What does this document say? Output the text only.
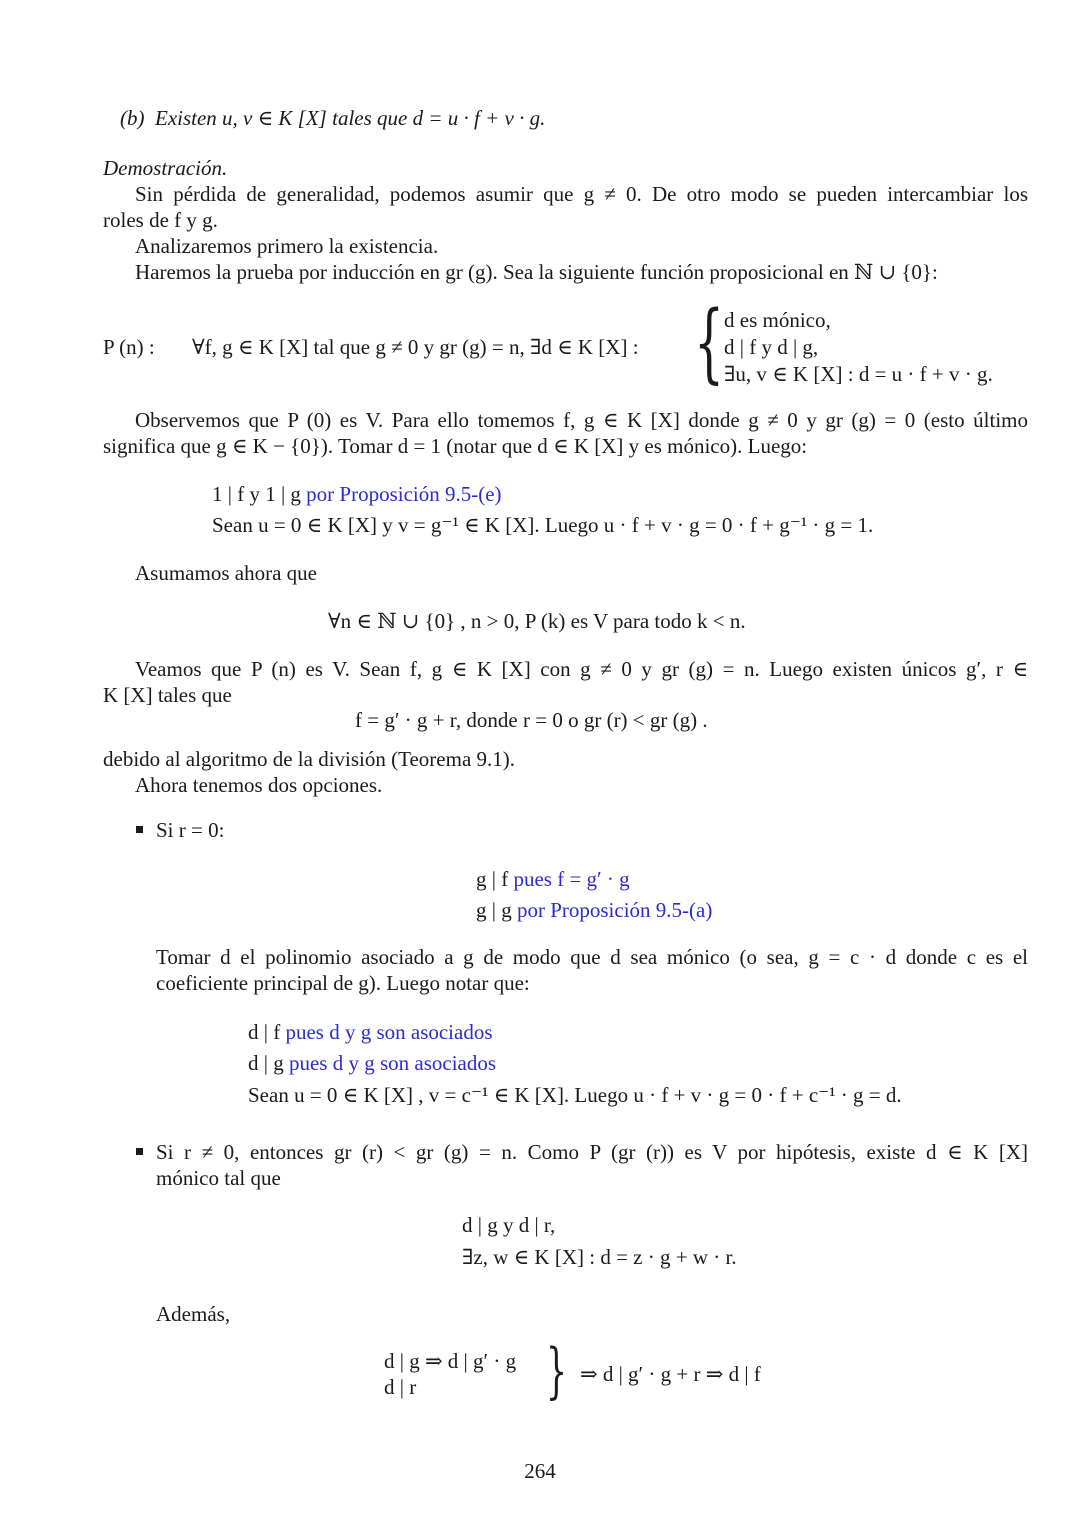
(b) Existen u, v ∈ K [X] tales que d = u · f + v · g.
Demostración.
Sin pérdida de generalidad, podemos asumir que g ≠ 0. De otro modo se pueden intercambiar los
roles de f y g.
Analizaremos primero la existencia.
Haremos la prueba por inducción en gr (g). Sea la siguiente función proposicional en ℕ ∪ {0}:
P (n) : ∀f, g ∈ K [X] tal que g ≠ 0 y gr (g) = n, ∃d ∈ K [X] : { d es mónico,
d | f y d | g,
∃u, v ∈ K [X] : d = u · f + v · g.
Observemos que P (0) es V. Para ello tomemos f, g ∈ K [X] donde g ≠ 0 y gr (g) = 0 (esto último
significa que g ∈ K − {0}). Tomar d = 1 (notar que d ∈ K [X] y es mónico). Luego:
1 | f y 1 | g por Proposición 9.5-(e)
Sean u = 0 ∈ K [X] y v = g⁻¹ ∈ K [X]. Luego u · f + v · g = 0 · f + g⁻¹ · g = 1.
Asumamos ahora que
∀n ∈ ℕ ∪ {0} , n > 0, P (k) es V para todo k < n.
Veamos que P (n) es V. Sean f, g ∈ K [X] con g ≠ 0 y gr (g) = n. Luego existen únicos g′, r ∈
K [X] tales que
f = g′ · g + r, donde r = 0 o gr (r) < gr (g) .
debido al algoritmo de la división (Teorema 9.1).
Ahora tenemos dos opciones.
Si r = 0:
g | f pues f = g′ · g
g | g por Proposición 9.5-(a)
Tomar d el polinomio asociado a g de modo que d sea mónico (o sea, g = c · d donde c es el
coeficiente principal de g). Luego notar que:
d | f pues d y g son asociados
d | g pues d y g son asociados
Sean u = 0 ∈ K [X] , v = c⁻¹ ∈ K [X]. Luego u · f + v · g = 0 · f + c⁻¹ · g = d.
Si r ≠ 0, entonces gr (r) < gr (g) = n. Como P (gr (r)) es V por hipótesis, existe d ∈ K [X]
mónico tal que
d | g y d | r,
∃z, w ∈ K [X] : d = z · g + w · r.
Además,
d | g ⇒ d | g′ · g
d | r } ⇒ d | g′ · g + r ⇒ d | f
264
